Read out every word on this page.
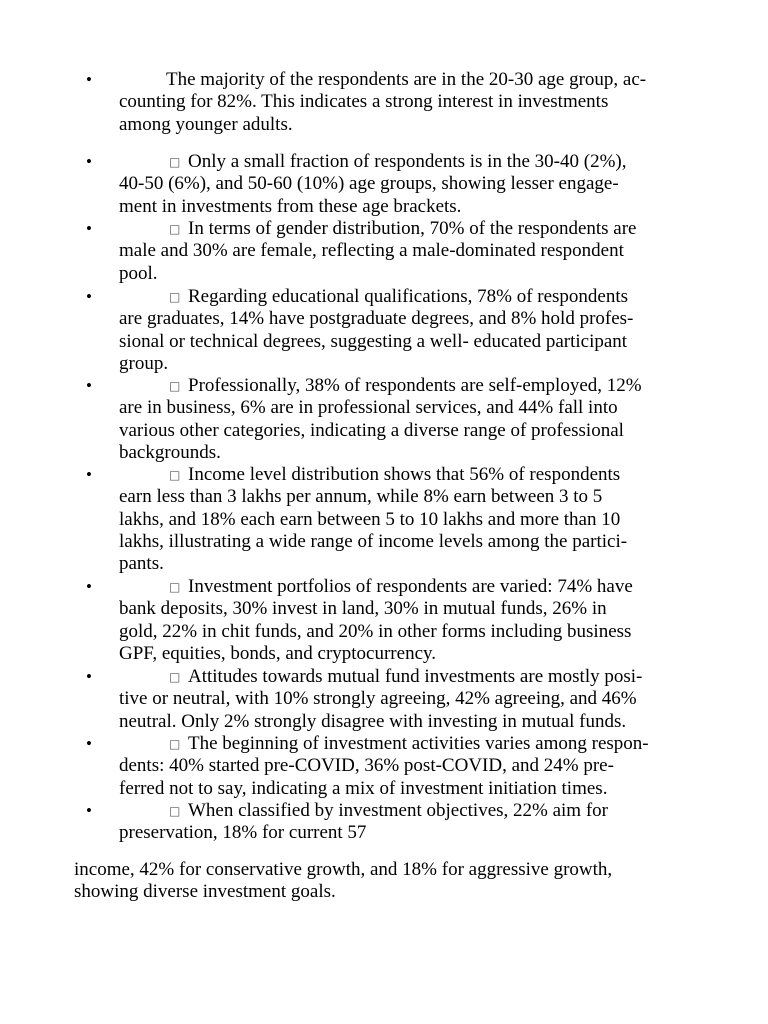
•	The majority of the respondents are in the 20-30 age group, ac-
counting for 82%. This indicates a strong interest in investments
among younger adults.
•	□ Only a small fraction of respondents is in the 30-40 (2%),
40-50 (6%), and 50-60 (10%) age groups, showing lesser engage-
ment in investments from these age brackets.
•	□ In terms of gender distribution, 70% of the respondents are
male and 30% are female, reflecting a male-dominated respondent
pool.
•	□ Regarding educational qualifications, 78% of respondents
are graduates, 14% have postgraduate degrees, and 8% hold profes-
sional or technical degrees, suggesting a well- educated participant
group.
•	□ Professionally, 38% of respondents are self-employed, 12%
are in business, 6% are in professional services, and 44% fall into
various other categories, indicating a diverse range of professional
backgrounds.
•	□ Income level distribution shows that 56% of respondents
earn less than 3 lakhs per annum, while 8% earn between 3 to 5
lakhs, and 18% each earn between 5 to 10 lakhs and more than 10
lakhs, illustrating a wide range of income levels among the partici-
pants.
•	□ Investment portfolios of respondents are varied: 74% have
bank deposits, 30% invest in land, 30% in mutual funds, 26% in
gold, 22% in chit funds, and 20% in other forms including business
GPF, equities, bonds, and cryptocurrency.
•	□ Attitudes towards mutual fund investments are mostly posi-
tive or neutral, with 10% strongly agreeing, 42% agreeing, and 46%
neutral. Only 2% strongly disagree with investing in mutual funds.
•	□ The beginning of investment activities varies among respon-
dents: 40% started pre-COVID, 36% post-COVID, and 24% pre-
ferred not to say, indicating a mix of investment initiation times.
•	□ When classified by investment objectives, 22% aim for
preservation, 18% for current 57
income, 42% for conservative growth, and 18% for aggressive growth,
showing diverse investment goals.
